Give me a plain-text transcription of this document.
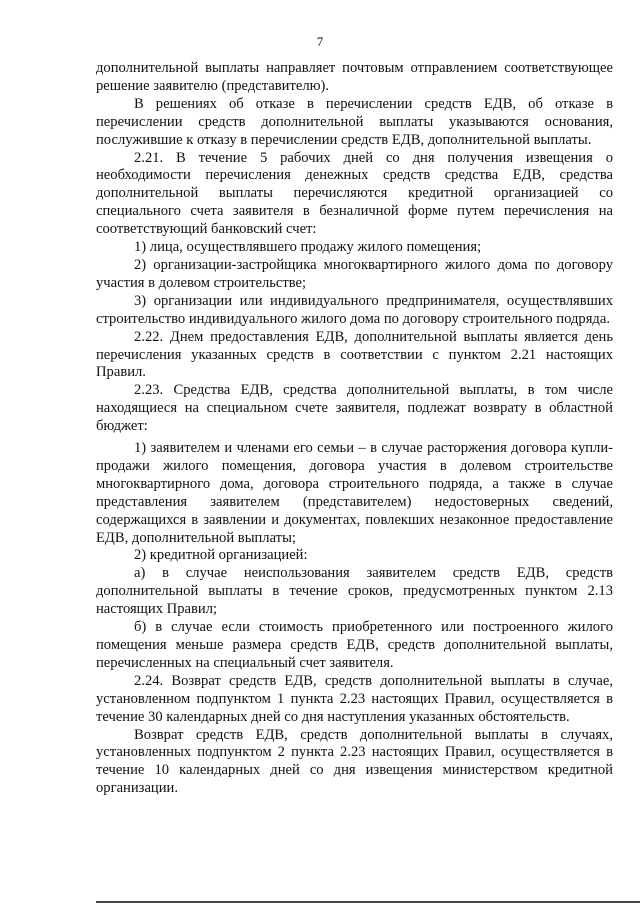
7

дополнительной выплаты направляет почтовым отправлением соответствующее решение заявителю (представителю).

В решениях об отказе в перечислении средств ЕДВ, об отказе в перечислении средств дополнительной выплаты указываются основания, послужившие к отказу в перечислении средств ЕДВ, дополнительной выплаты.

2.21. В течение 5 рабочих дней со дня получения извещения о необходимости перечисления денежных средств средства ЕДВ, средства дополнительной выплаты перечисляются кредитной организацией со специального счета заявителя в безналичной форме путем перечисления на соответствующий банковский счет:

1) лица, осуществлявшего продажу жилого помещения;

2) организации-застройщика многоквартирного жилого дома по договору участия в долевом строительстве;

3) организации или индивидуального предпринимателя, осуществлявших строительство индивидуального жилого дома по договору строительного подряда.

2.22. Днем предоставления ЕДВ, дополнительной выплаты является день перечисления указанных средств в соответствии с пунктом 2.21 настоящих Правил.

2.23. Средства ЕДВ, средства дополнительной выплаты, в том числе находящиеся на специальном счете заявителя, подлежат возврату в областной бюджет:

1) заявителем и членами его семьи – в случае расторжения договора купли-продажи жилого помещения, договора участия в долевом строительстве многоквартирного дома, договора строительного подряда, а также в случае представления заявителем (представителем) недостоверных сведений, содержащихся в заявлении и документах, повлекших незаконное предоставление ЕДВ, дополнительной выплаты;

2) кредитной организацией:

а) в случае неиспользования заявителем средств ЕДВ, средств дополнительной выплаты в течение сроков, предусмотренных пунктом 2.13 настоящих Правил;

б) в случае если стоимость приобретенного или построенного жилого помещения меньше размера средств ЕДВ, средств дополнительной выплаты, перечисленных на специальный счет заявителя.

2.24. Возврат средств ЕДВ, средств дополнительной выплаты в случае, установленном подпунктом 1 пункта 2.23 настоящих Правил, осуществляется в течение 30 календарных дней со дня наступления указанных обстоятельств.

Возврат средств ЕДВ, средств дополнительной выплаты в случаях, установленных подпунктом 2 пункта 2.23 настоящих Правил, осуществляется в течение 10 календарных дней со дня извещения министерством кредитной организации.
